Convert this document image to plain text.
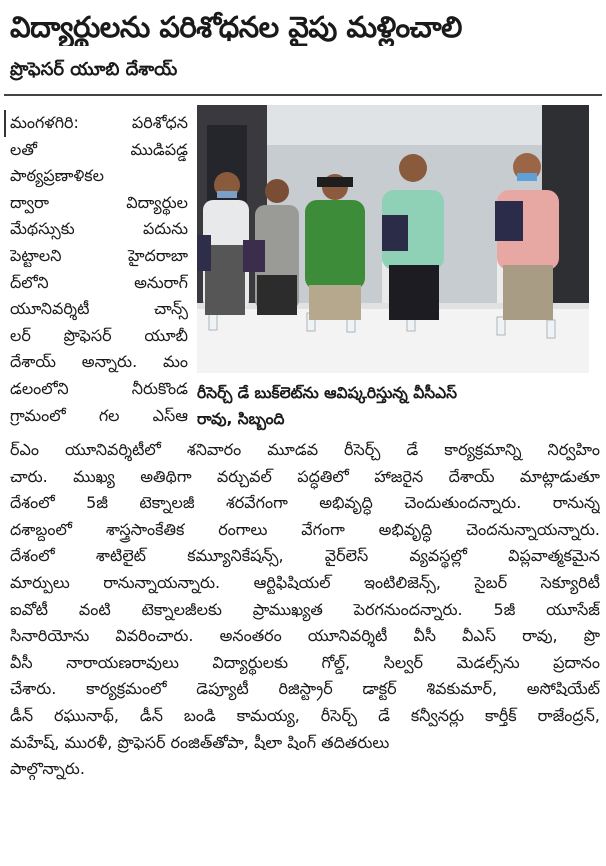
విద్యార్థులను పరిశోధనల వైపు మళ్లించాలి
ప్రొఫెసర్ యూబి దేశాయ్
మంగళగిరి: పరిశోధన
లతో ముడిపడ్డ
పాఠ్యప్రణాళికల
ద్వారా విద్యార్థుల
మేథస్సుకు పదును
పెట్టాలని హైదరాబా
ద్‌లోని అనురాగ్
యూనివర్శిటీ చాన్స్
లర్ ప్రొఫెసర్ యూబీ
దేశాయ్ అన్నారు. మం
డలంలోని నీరుకొండ
గ్రామంలో గల ఎస్ఆ
రీసెర్చ్ డే బుక్‌లెట్‌ను ఆవిష్కరిస్తున్న వీసీఎస్
రావు, సిబ్బంది
ర్ఎం యూనివర్శిటీలో శనివారం మూడవ రీసెర్చ్ డే కార్యక్రమాన్ని నిర్వహిం
చారు. ముఖ్య అతిథిగా వర్చువల్ పద్ధతిలో హాజరైన దేశాయ్ మాట్లాడుతూ
దేశంలో 5జీ టెక్నాలజీ శరవేగంగా అభివృద్ధి చెందుతుందన్నారు. రానున్న
దశాబ్దంలో శాస్త్రసాంకేతిక రంగాలు వేగంగా అభివృద్ధి చెందనున్నాయన్నారు.
దేశంలో శాటిలైట్ కమ్యూనికేషన్స్, వైర్‌లెస్ వ్యవస్థల్లో విప్లవాత్మకమైన
మార్పులు రానున్నాయన్నారు. ఆర్టిఫిషియల్ ఇంటిలిజెన్స్, సైబర్ సెక్యూరిటీ
ఐవోటీ వంటి టెక్నాలజీలకు ప్రాముఖ్యత పెరగనుందన్నారు. 5జీ యూసేజ్
సినారియోను వివరించారు. అనంతరం యూనివర్శిటీ వీసీ వీఎస్ రావు, ప్రొ
వీసీ నారాయణరావులు విద్యార్థులకు గోల్డ్, సిల్వర్ మెడల్స్‌ను ప్రదానం
చేశారు. కార్యక్రమంలో డెప్యూటీ రిజిస్ట్రార్ డాక్టర్ శివకుమార్, అసోషియేట్
డీన్ రఘునాథ్, డీన్ బండి కామయ్య, రీసెర్చ్ డే కన్వీనర్లు కార్తీక్ రాజేంద్రన్,
మహేష్, మురళీ, ప్రొఫెసర్ రంజిత్‌తోపా, షీలా షింగ్ తదితరులు
పాల్గొన్నారు.
